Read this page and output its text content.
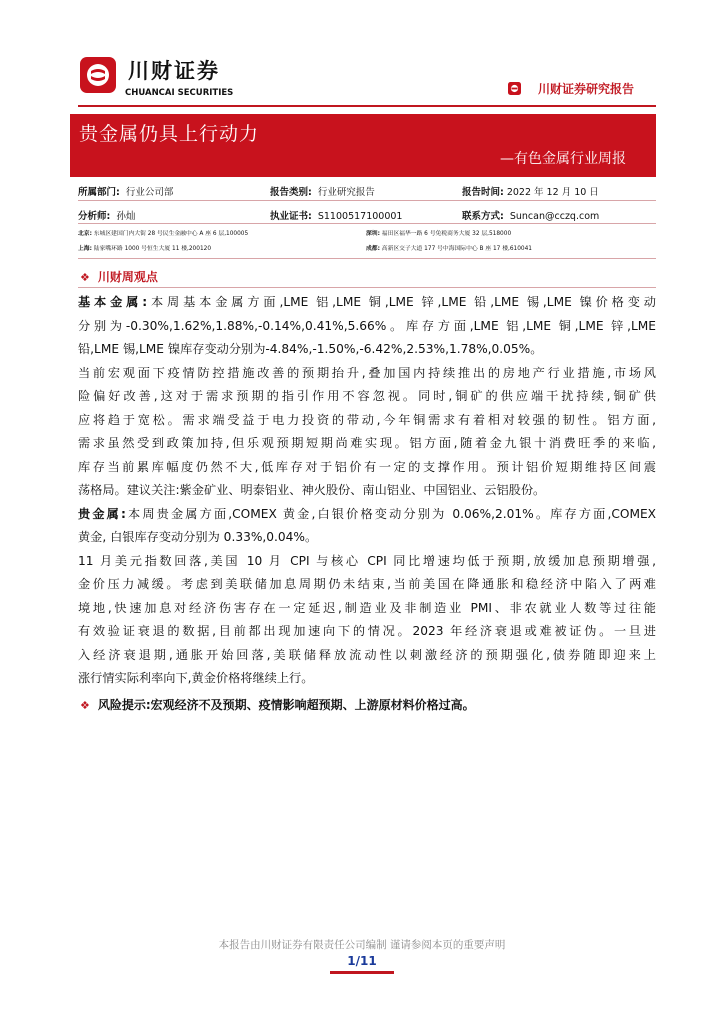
川财证券
CHUANCAI SECURITIES	川财证券研究报告
贵金属仍具上行动力
—有色金属行业周报
所属部门: 行业公司部	报告类别: 行业研究报告	报告时间: 2022 年 12 月 10 日
分析师: 孙灿	执业证书: S1100517100001	联系方式: Suncan@cczq.com
北京: 东城区建国门内大街 28 号民生金融中心 A 座 6 层,100005	深圳: 福田区福华一路 6 号免税商务大厦 32 层,518000
上海: 陆家嘴环路 1000 号恒生大厦 11 楼,200120	成都: 高新区交子大道 177 号中海国际中心 B 座 17 楼,610041
❖ 川财周观点
基本金属:本周基本金属方面,LME 铝,LME 铜,LME 锌,LME 铅,LME 锡,LME 镍价格变动
分别为-0.30%,1.62%,1.88%,-0.14%,0.41%,5.66%。库存方面,LME 铝,LME 铜,LME 锌,LME
铅,LME 锡,LME 镍库存变动分别为-4.84%,-1.50%,-6.42%,2.53%,1.78%,0.05%。
当前宏观面下疫情防控措施改善的预期抬升,叠加国内持续推出的房地产行业措施,市场风
险偏好改善,这对于需求预期的指引作用不容忽视。同时,铜矿的供应端干扰持续,铜矿供
应将趋于宽松。需求端受益于电力投资的带动,今年铜需求有着相对较强的韧性。铝方面,
需求虽然受到政策加持,但乐观预期短期尚难实现。铝方面,随着金九银十消费旺季的来临,
库存当前累库幅度仍然不大,低库存对于铝价有一定的支撑作用。预计铝价短期维持区间震
荡格局。建议关注:紫金矿业、明泰铝业、神火股份、南山铝业、中国铝业、云铝股份。
贵金属:本周贵金属方面,COMEX 黄金,白银价格变动分别为 0.06%,2.01%。库存方面,COMEX
黄金, 白银库存变动分别为 0.33%,0.04%。
11 月美元指数回落,美国 10 月 CPI 与核心 CPI 同比增速均低于预期,放缓加息预期增强,
金价压力减缓。考虑到美联储加息周期仍未结束,当前美国在降通胀和稳经济中陷入了两难
境地,快速加息对经济伤害存在一定延迟,制造业及非制造业 PMI、非农就业人数等过往能
有效验证衰退的数据,目前都出现加速向下的情况。2023 年经济衰退或难被证伪。一旦进
入经济衰退期,通胀开始回落,美联储释放流动性以刺激经济的预期强化,债券随即迎来上
涨行情实际利率向下,黄金价格将继续上行。
❖ 风险提示:宏观经济不及预期、疫情影响超预期、上游原材料价格过高。
本报告由川财证券有限责任公司编制 谨请参阅本页的重要声明
1/11
